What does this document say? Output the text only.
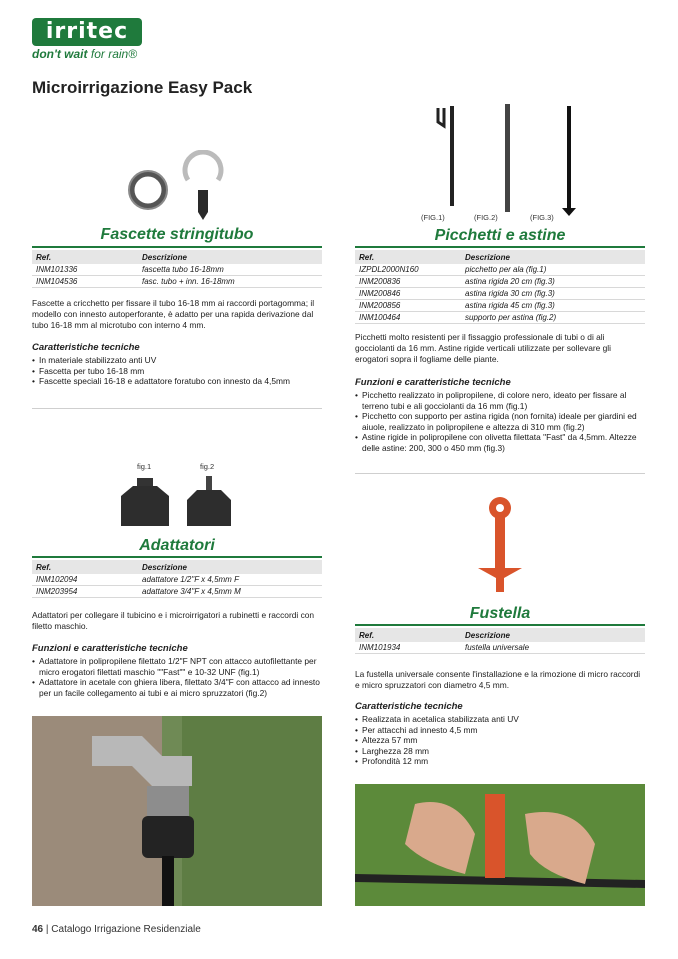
irritec
don't wait for rain®
Microirrigazione Easy Pack
Fascette stringitubo
Ref.	Descrizione
INM101336	fascetta tubo 16-18mm
INM104536	fasc. tubo + inn. 16-18mm
Fascette a cricchetto per fissare il tubo 16-18 mm ai raccordi portagomma; il modello con innesto autoperforante, è adatto per una rapida derivazione dal tubo 16-18 mm al microtubo con interno 4 mm.
Caratteristiche tecniche
• In materiale stabilizzato anti UV
• Fascetta per tubo 16-18 mm
• Fascette speciali 16-18 e adattatore foratubo con innesto da 4,5mm
(FIG.1)	(FIG.2)	(FIG.3)
Picchetti e astine
Ref.	Descrizione
IZPDL2000N160	picchetto per ala (fig.1)
INM200836	astina rigida 20 cm (fig.3)
INM200846	astina rigida 30 cm (fig.3)
INM200856	astina rigida 45 cm (fig.3)
INM100464	supporto per astina (fig.2)
Picchetti molto resistenti per il fissaggio professionale di tubi o di ali gocciolanti da 16 mm. Astine rigide verticali utilizzate per sollevare gli erogatori sopra il fogliame delle piante.
Funzioni e caratteristiche tecniche
• Picchetto realizzato in polipropilene, di colore nero, ideato per fissare al terreno tubi e ali gocciolanti da 16 mm (fig.1)
• Picchetto con supporto per astina rigida (non fornita) ideale per giardini ed aiuole, realizzato in polipropilene e altezza di 310 mm (fig.2)
• Astine rigide in polipropilene con olivetta filettata "Fast" da 4,5mm. Altezze delle astine: 200, 300 o 450 mm (fig.3)
fig.1	fig.2
Adattatori
Ref.	Descrizione
INM102094	adattatore 1/2"F x 4,5mm F
INM203954	adattatore 3/4"F x 4,5mm M
Adattatori per collegare il tubicino e i microirrigatori a rubinetti e raccordi con filetto maschio.
Funzioni e caratteristiche tecniche
• Adattatore in polipropilene filettato 1/2"F NPT con attacco autofilettante per micro erogatori filettati maschio ""Fast"" e 10-32 UNF (fig.1)
• Adattatore in acetale con ghiera libera, filettato 3/4"F con attacco ad innesto per un facile collegamento ai tubi e ai micro spruzzatori (fig.2)
Fustella
Ref.	Descrizione
INM101934	fustella universale
La fustella universale consente l'installazione e la rimozione di micro raccordi e micro spruzzatori con diametro 4,5 mm.
Caratteristiche tecniche
• Realizzata in acetalica stabilizzata anti UV
• Per attacchi ad innesto 4,5 mm
• Altezza 57 mm
• Larghezza 28 mm
• Profondità 12 mm
46 | Catalogo Irrigazione Residenziale
